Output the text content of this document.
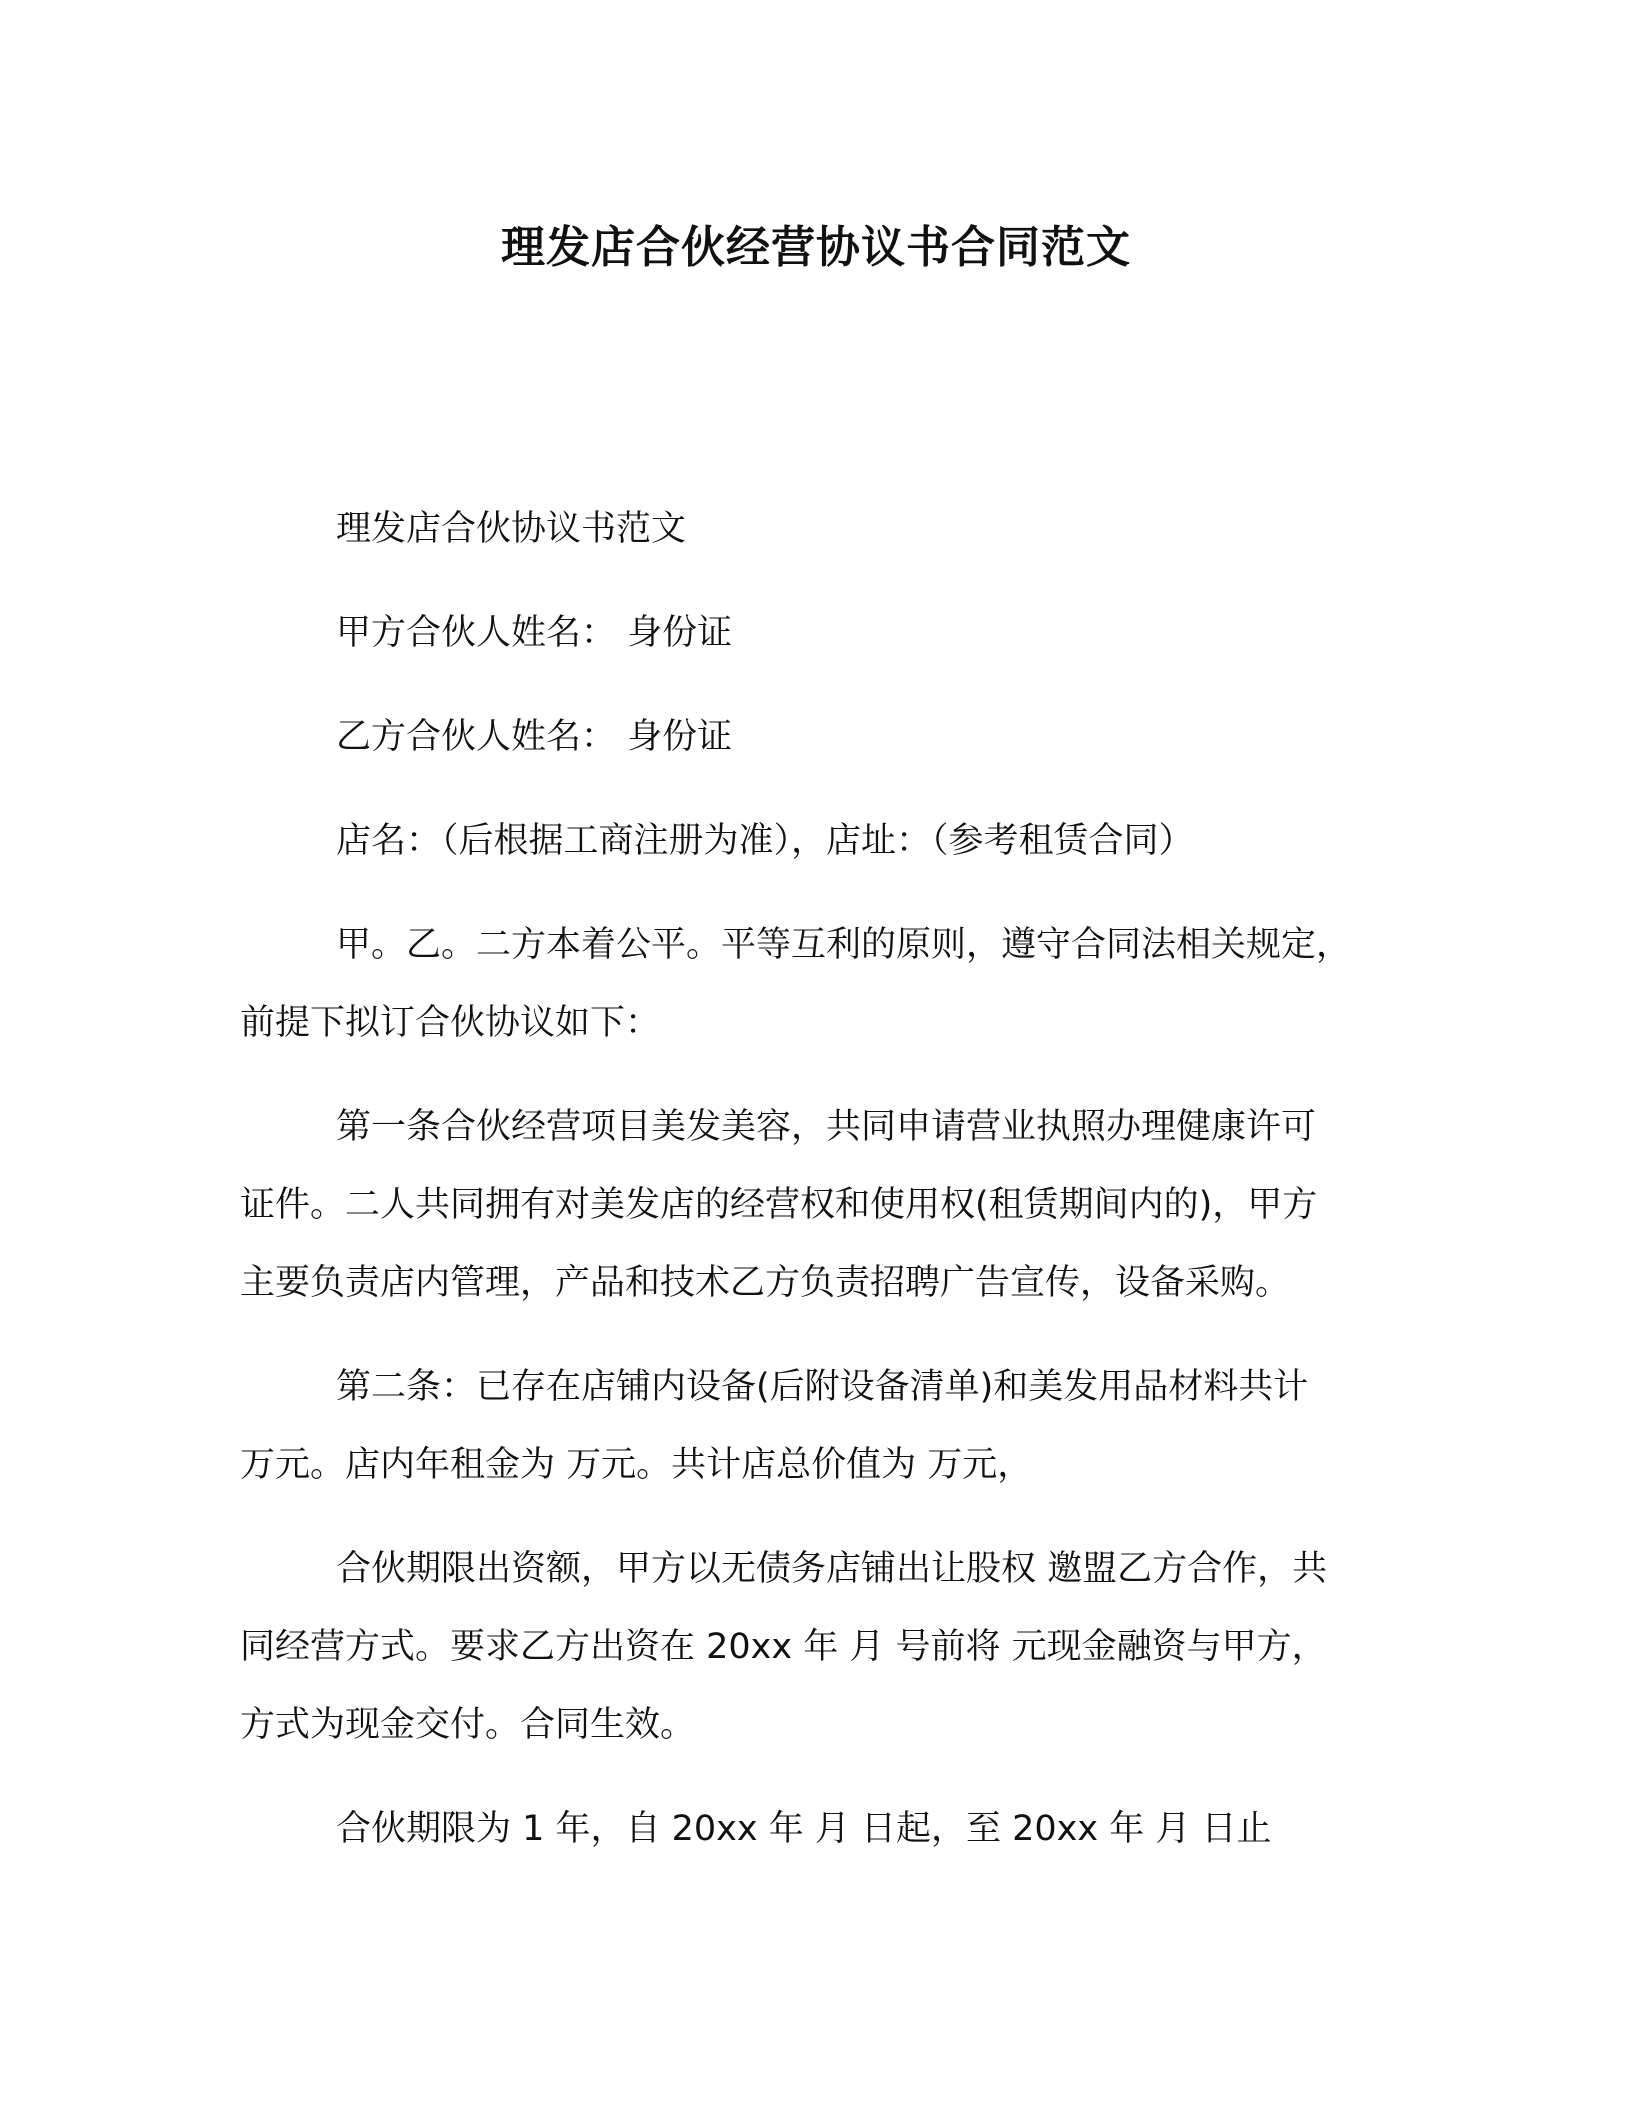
理发店合伙经营协议书合同范文

理发店合伙协议书范文

甲方合伙人姓名： 身份证

乙方合伙人姓名： 身份证

店名：（后根据工商注册为准），店址：（参考租赁合同）

甲。乙。二方本着公平。平等互利的原则，遵守合同法相关规定，
前提下拟订合伙协议如下：

第一条合伙经营项目美发美容，共同申请营业执照办理健康许可
证件。二人共同拥有对美发店的经营权和使用权(租赁期间内的)，甲方
主要负责店内管理，产品和技术乙方负责招聘广告宣传，设备采购。

第二条：已存在店铺内设备(后附设备清单)和美发用品材料共计
万元。店内年租金为 万元。共计店总价值为 万元，

合伙期限出资额，甲方以无债务店铺出让股权 邀盟乙方合作，共
同经营方式。要求乙方出资在 20xx 年 月 号前将 元现金融资与甲方，
方式为现金交付。合同生效。

合伙期限为 1 年，自 20xx 年 月 日起，至 20xx 年 月 日止
